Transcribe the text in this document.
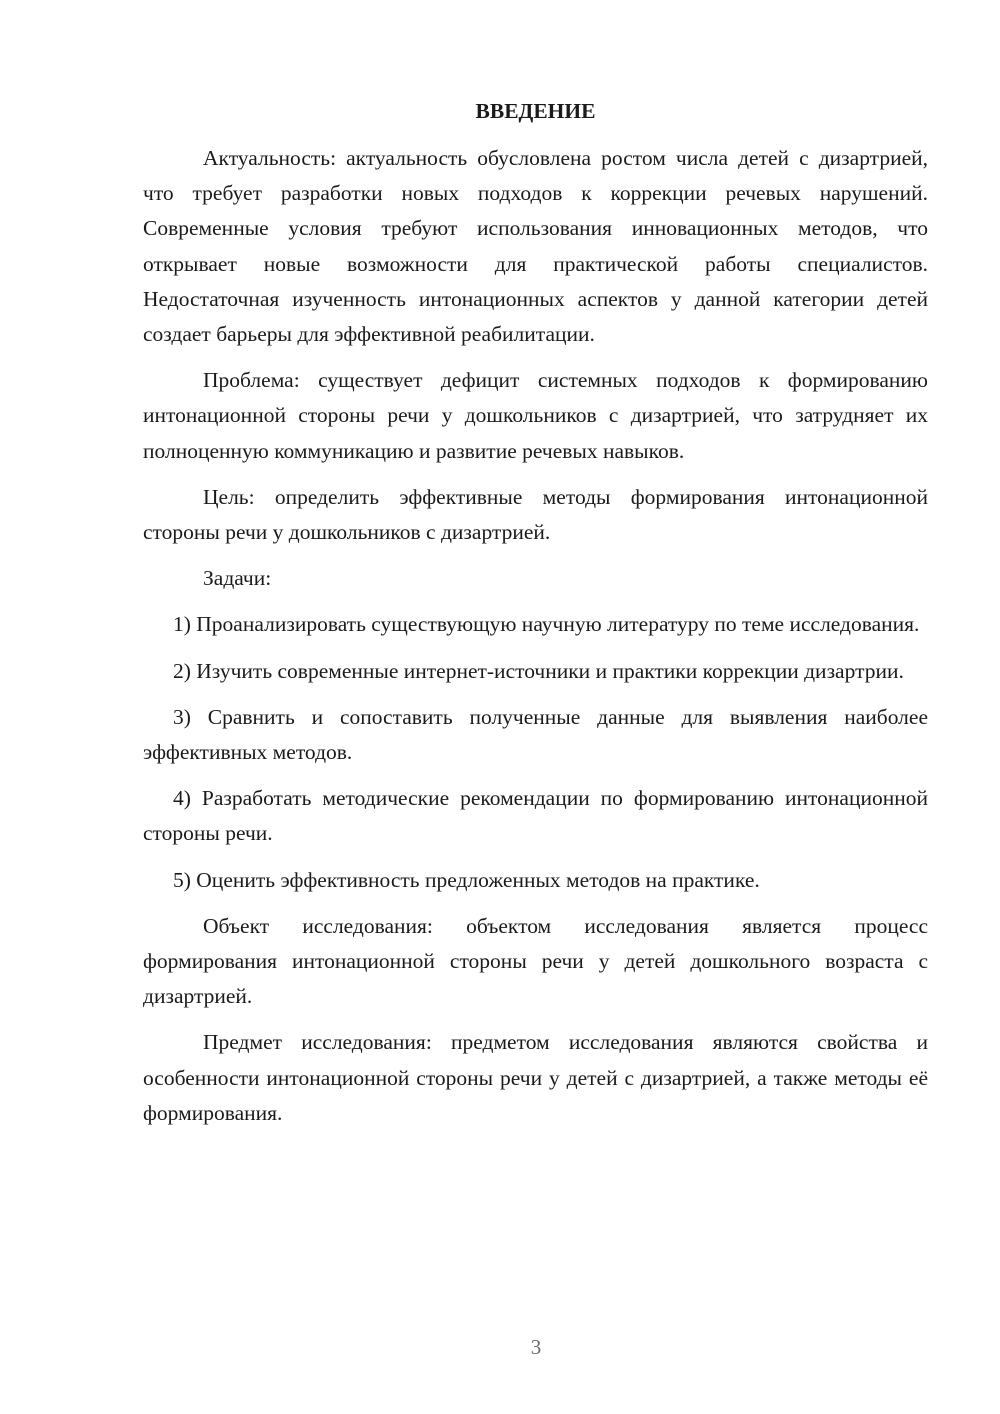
ВВЕДЕНИЕ

Актуальность: актуальность обусловлена ростом числа детей с дизартрией, что требует разработки новых подходов к коррекции речевых нарушений. Современные условия требуют использования инновационных методов, что открывает новые возможности для практической работы специалистов. Недостаточная изученность интонационных аспектов у данной категории детей создает барьеры для эффективной реабилитации.

Проблема: существует дефицит системных подходов к формированию интонационной стороны речи у дошкольников с дизартрией, что затрудняет их полноценную коммуникацию и развитие речевых навыков.

Цель: определить эффективные методы формирования интонационной стороны речи у дошкольников с дизартрией.

Задачи:

1) Проанализировать существующую научную литературу по теме исследования.

2) Изучить современные интернет-источники и практики коррекции дизартрии.

3) Сравнить и сопоставить полученные данные для выявления наиболее эффективных методов.

4) Разработать методические рекомендации по формированию интонационной стороны речи.

5) Оценить эффективность предложенных методов на практике.

Объект исследования: объектом исследования является процесс формирования интонационной стороны речи у детей дошкольного возраста с дизартрией.

Предмет исследования: предметом исследования являются свойства и особенности интонационной стороны речи у детей с дизартрией, а также методы её формирования.

3
